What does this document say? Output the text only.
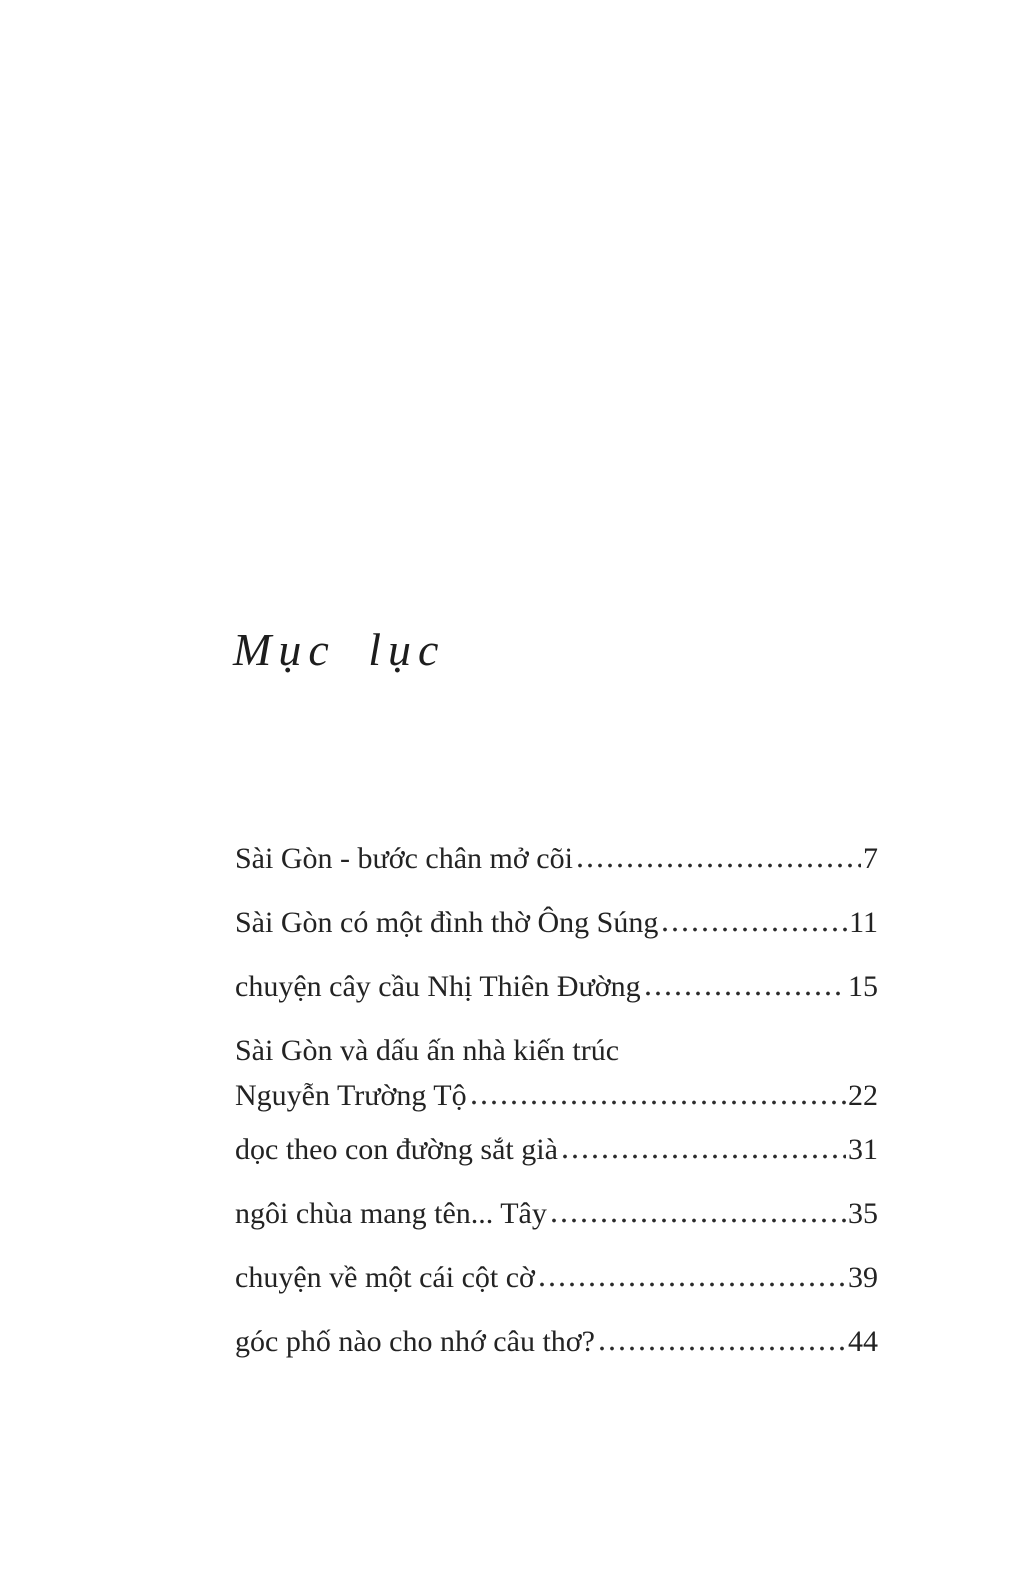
Mục lục
Sài Gòn - bước chân mở cõi	7
Sài Gòn có một đình thờ Ông Súng	11
chuyện cây cầu Nhị Thiên Đường	15
Sài Gòn và dấu ấn nhà kiến trúc
Nguyễn Trường Tộ	22
dọc theo con đường sắt già	31
ngôi chùa mang tên... Tây	35
chuyện về một cái cột cờ	39
góc phố nào cho nhớ câu thơ?	44
